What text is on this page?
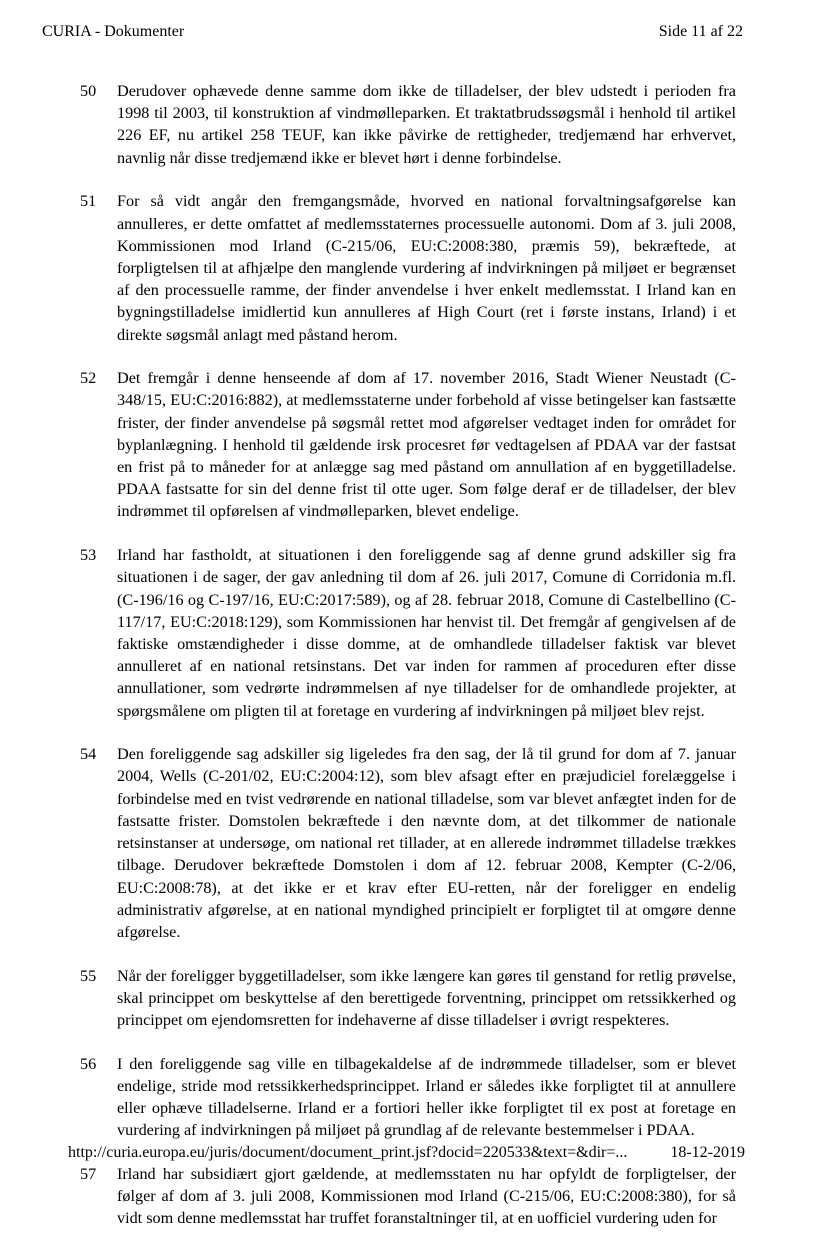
CURIA - Dokumenter	Side 11 af 22
50 Derudover ophævede denne samme dom ikke de tilladelser, der blev udstedt i perioden fra 1998 til 2003, til konstruktion af vindmølleparken. Et traktatbrudssøgsmål i henhold til artikel 226 EF, nu artikel 258 TEUF, kan ikke påvirke de rettigheder, tredjemænd har erhvervet, navnlig når disse tredjemænd ikke er blevet hørt i denne forbindelse.
51 For så vidt angår den fremgangsmåde, hvorved en national forvaltningsafgørelse kan annulleres, er dette omfattet af medlemsstaternes processuelle autonomi. Dom af 3. juli 2008, Kommissionen mod Irland (C-215/06, EU:C:2008:380, præmis 59), bekræftede, at forpligtelsen til at afhjælpe den manglende vurdering af indvirkningen på miljøet er begrænset af den processuelle ramme, der finder anvendelse i hver enkelt medlemsstat. I Irland kan en bygningstilladelse imidlertid kun annulleres af High Court (ret i første instans, Irland) i et direkte søgsmål anlagt med påstand herom.
52 Det fremgår i denne henseende af dom af 17. november 2016, Stadt Wiener Neustadt (C-348/15, EU:C:2016:882), at medlemsstaterne under forbehold af visse betingelser kan fastsætte frister, der finder anvendelse på søgsmål rettet mod afgørelser vedtaget inden for området for byplanlægning. I henhold til gældende irsk procesret før vedtagelsen af PDAA var der fastsat en frist på to måneder for at anlægge sag med påstand om annullation af en byggetilladelse. PDAA fastsatte for sin del denne frist til otte uger. Som følge deraf er de tilladelser, der blev indrømmet til opførelsen af vindmølleparken, blevet endelige.
53 Irland har fastholdt, at situationen i den foreliggende sag af denne grund adskiller sig fra situationen i de sager, der gav anledning til dom af 26. juli 2017, Comune di Corridonia m.fl. (C-196/16 og C-197/16, EU:C:2017:589), og af 28. februar 2018, Comune di Castelbellino (C-117/17, EU:C:2018:129), som Kommissionen har henvist til. Det fremgår af gengivelsen af de faktiske omstændigheder i disse domme, at de omhandlede tilladelser faktisk var blevet annulleret af en national retsinstans. Det var inden for rammen af proceduren efter disse annullationer, som vedrørte indrømmelsen af nye tilladelser for de omhandlede projekter, at spørgsmålene om pligten til at foretage en vurdering af indvirkningen på miljøet blev rejst.
54 Den foreliggende sag adskiller sig ligeledes fra den sag, der lå til grund for dom af 7. januar 2004, Wells (C-201/02, EU:C:2004:12), som blev afsagt efter en præjudiciel forelæggelse i forbindelse med en tvist vedrørende en national tilladelse, som var blevet anfægtet inden for de fastsatte frister. Domstolen bekræftede i den nævnte dom, at det tilkommer de nationale retsinstanser at undersøge, om national ret tillader, at en allerede indrømmet tilladelse trækkes tilbage. Derudover bekræftede Domstolen i dom af 12. februar 2008, Kempter (C-2/06, EU:C:2008:78), at det ikke er et krav efter EU-retten, når der foreligger en endelig administrativ afgørelse, at en national myndighed principielt er forpligtet til at omgøre denne afgørelse.
55 Når der foreligger byggetilladelser, som ikke længere kan gøres til genstand for retlig prøvelse, skal princippet om beskyttelse af den berettigede forventning, princippet om retssikkerhed og princippet om ejendomsretten for indehaverne af disse tilladelser i øvrigt respekteres.
56 I den foreliggende sag ville en tilbagekaldelse af de indrømmede tilladelser, som er blevet endelige, stride mod retssikkerhedsprincippet. Irland er således ikke forpligtet til at annullere eller ophæve tilladelserne. Irland er a fortiori heller ikke forpligtet til ex post at foretage en vurdering af indvirkningen på miljøet på grundlag af de relevante bestemmelser i PDAA.
57 Irland har subsidiært gjort gældende, at medlemsstaten nu har opfyldt de forpligtelser, der følger af dom af 3. juli 2008, Kommissionen mod Irland (C-215/06, EU:C:2008:380), for så vidt som denne medlemsstat har truffet foranstaltninger til, at en uofficiel vurdering uden for
http://curia.europa.eu/juris/document/document_print.jsf?docid=220533&text=&dir=...	18-12-2019
